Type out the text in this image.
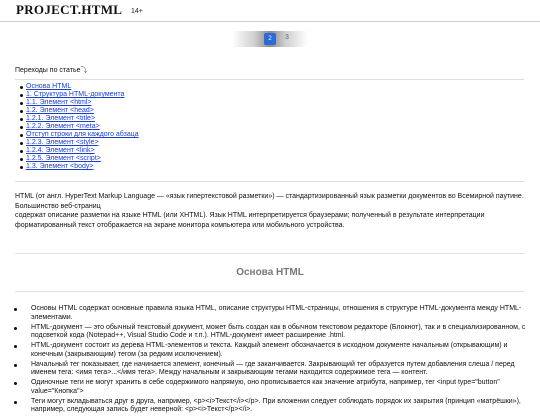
PROJECT.HTML 14+
2	3
Переходы по статье⤵
Основа HTML
1. Структура HTML-документа
1.1. Элемент <html>
1.2. Элемент <head>
1.2.1. Элемент <title>
1.2.2. Элемент <meta>
Отступ строки для каждого абзаца
1.2.3. Элемент <style>
1.2.4. Элемент <link>
1.2.5. Элемент <script>
1.3. Элемент <body>

HTML (от англ. HyperText Markup Language — «язык гипертекстовой разметки») — стандартизированный язык разметки документов во Всемирной паутине. Большинство веб-страниц

содержат описание разметки на языке HTML (или XHTML). Язык HTML интерпретируется браузерами; полученный в результате интерпретации форматированный текст отображается на экране монитора компьютера или мобильного устройства.

Основа HTML
Основы HTML содержат основные правила языка HTML, описание структуры HTML-страницы, отношения в структуре HTML-документа между HTML-элементами.
HTML-документ — это обычный текстовый документ, может быть создан как в обычном текстовом редакторе (Блокнот), так и в специализированном, с подсветкой кода (Notepad++, Visual Studio Code и т.п.). HTML-документ имеет расширение .html.
HTML-документ состоит из дерева HTML-элементов и текста. Каждый элемент обозначается в исходном документе начальным (открывающим) и конечным (закрывающим) тегом (за редким исключением).
Начальный тег показывает, где начинается элемент, конечный — где заканчивается. Закрывающий тег образуется путем добавления слеша / перед именем тега: <имя тега>...</имя тега>. Между начальным и закрывающим тегами находится содержимое тега — контент.
Одиночные теги не могут хранить в себе содержимого напрямую, оно прописывается как значение атрибута, например, тег <input type="button" value="Кнопка">
Теги могут вкладываться друг в друга, например, <p><i>Текст</i></p>. При вложении следует соблюдать порядок их закрытия (принцип «матрёшки»), например, следующая запись будет неверной: <p><i>Текст</p></i>.
